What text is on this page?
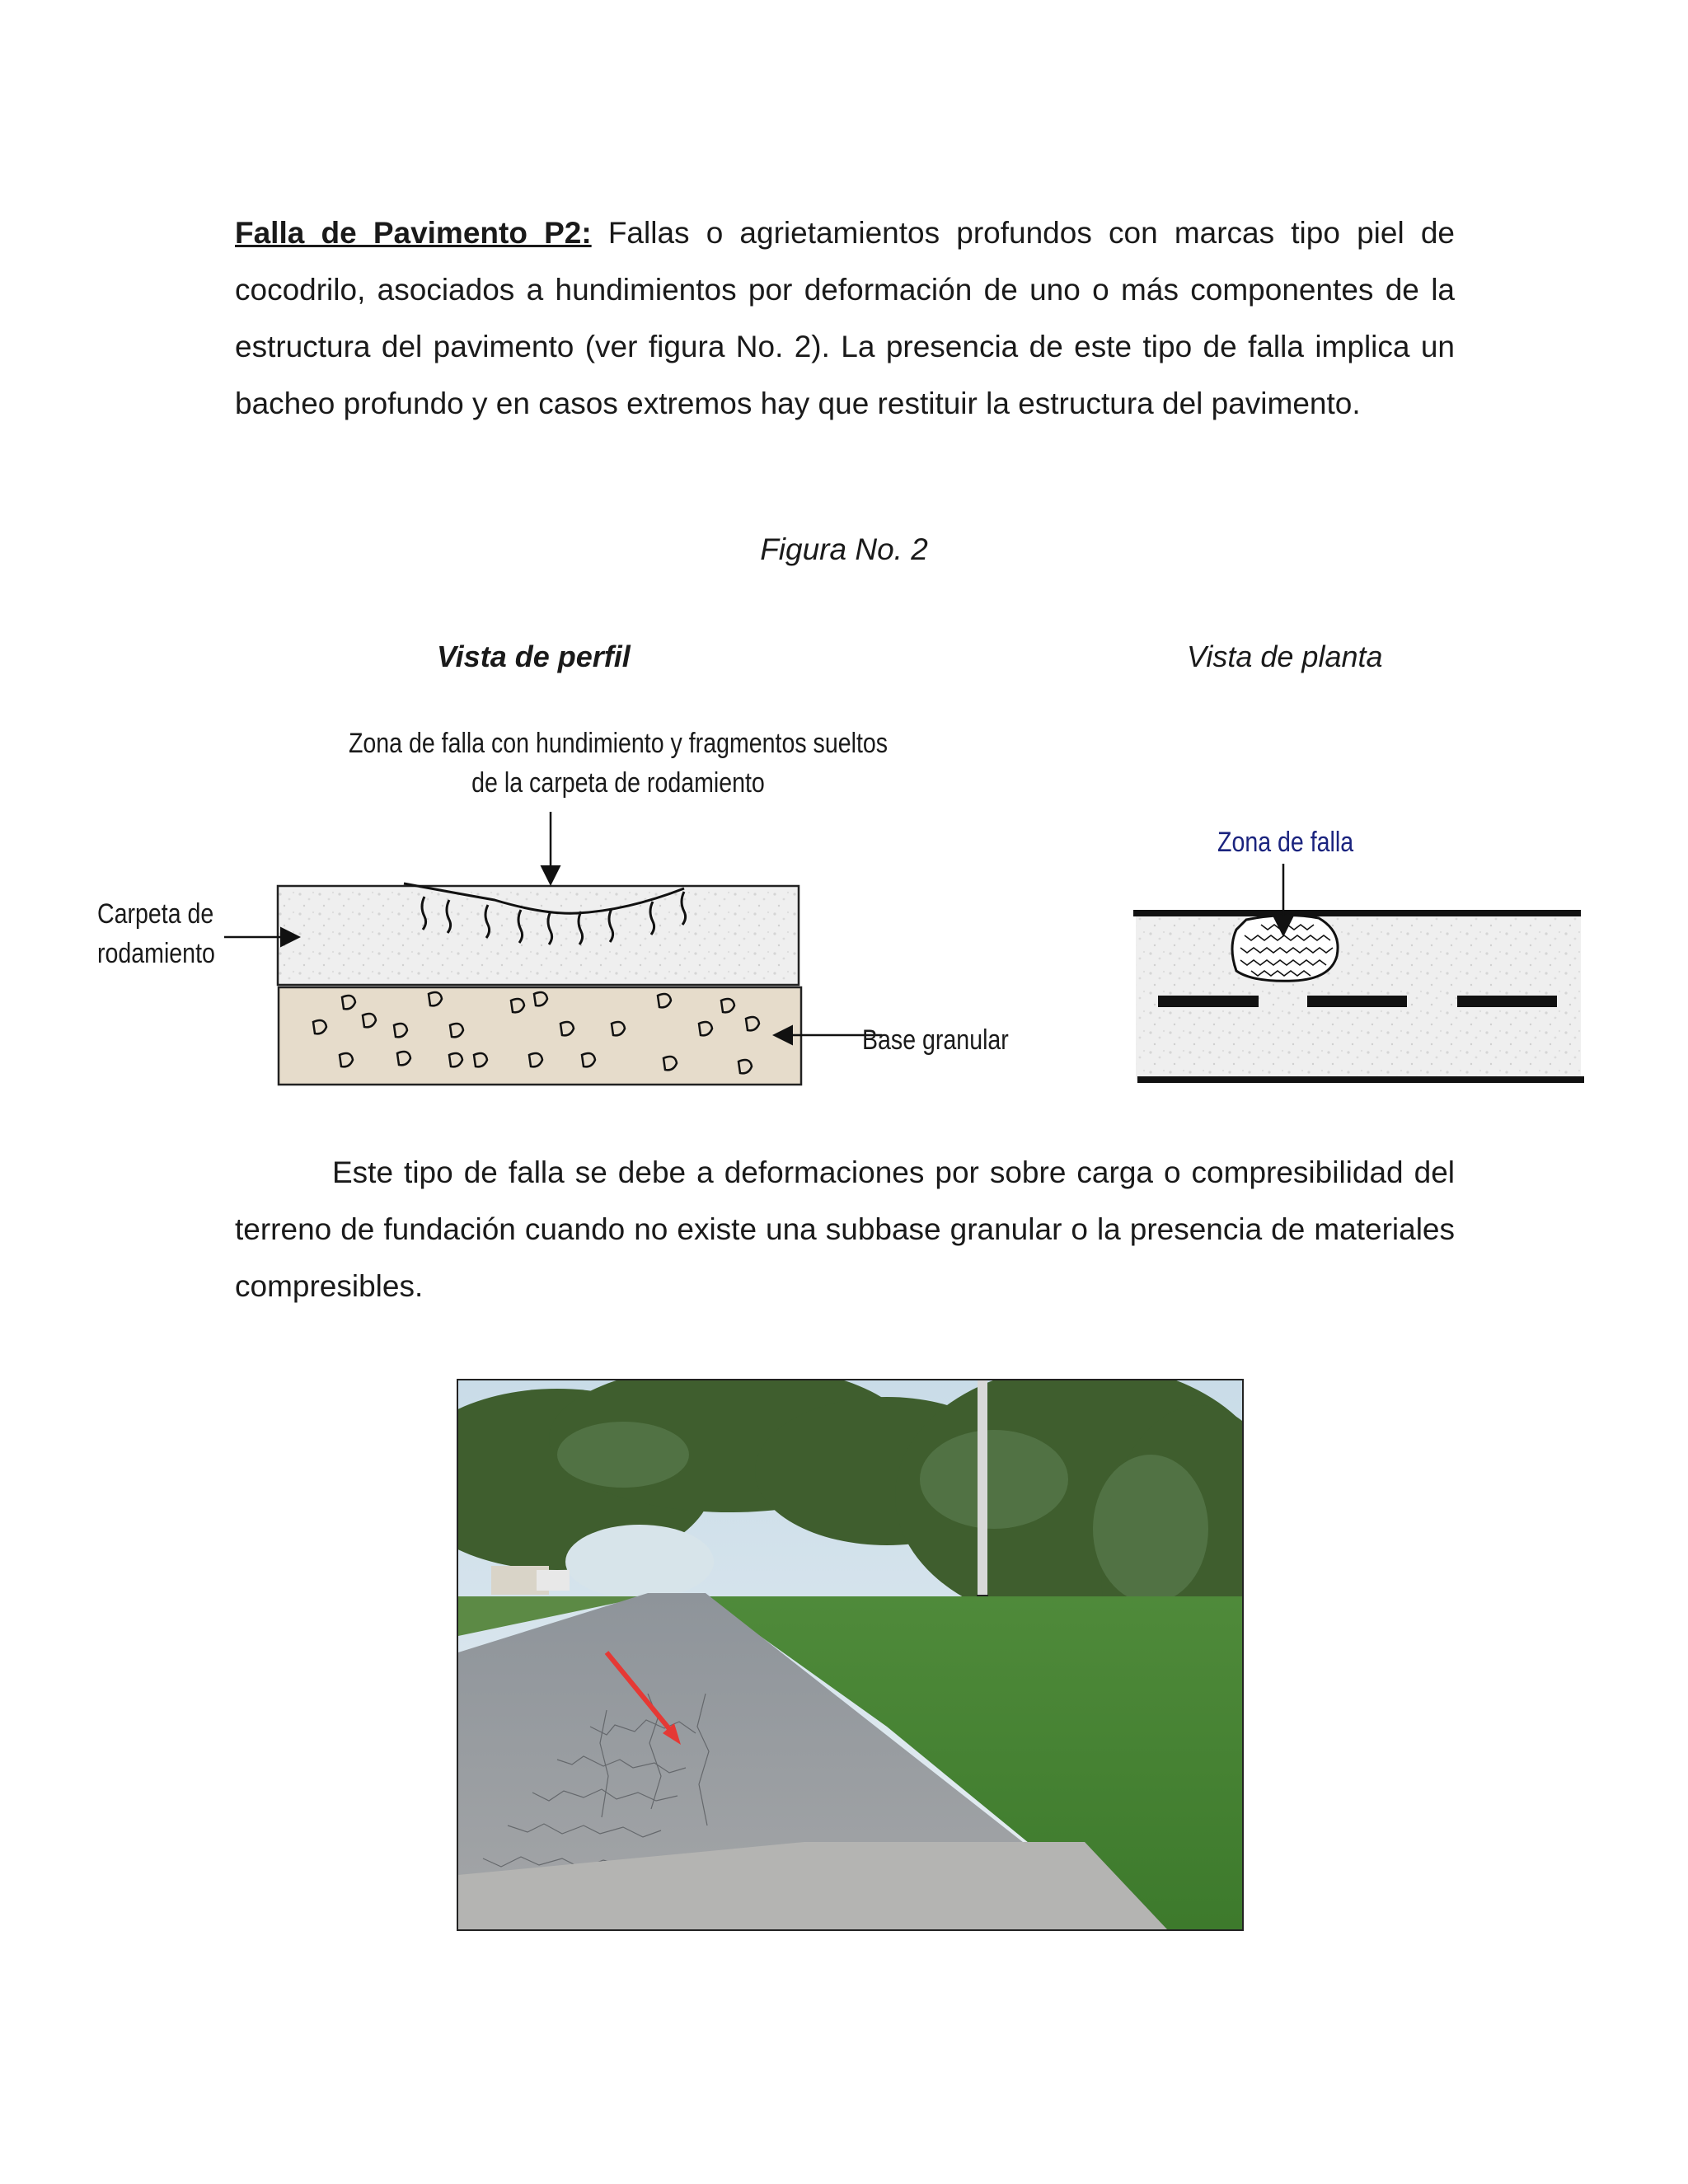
Falla de Pavimento P2: Fallas o agrietamientos profundos con marcas tipo piel de cocodrilo, asociados a hundimientos por deformación de uno o más componentes de la estructura del pavimento (ver figura No. 2). La presencia de este tipo de falla implica un bacheo profundo y en casos extremos hay que restituir la estructura del pavimento.

Figura No. 2
Vista de perfil	Vista de planta
Zona de falla con hundimiento y fragmentos sueltos
de la carpeta de rodamiento
Carpeta de
rodamiento
Base granular
Zona de falla

Este tipo de falla se debe a deformaciones por sobre carga o compresibilidad del terreno de fundación cuando no existe una subbase granular o la presencia de materiales compresibles.
